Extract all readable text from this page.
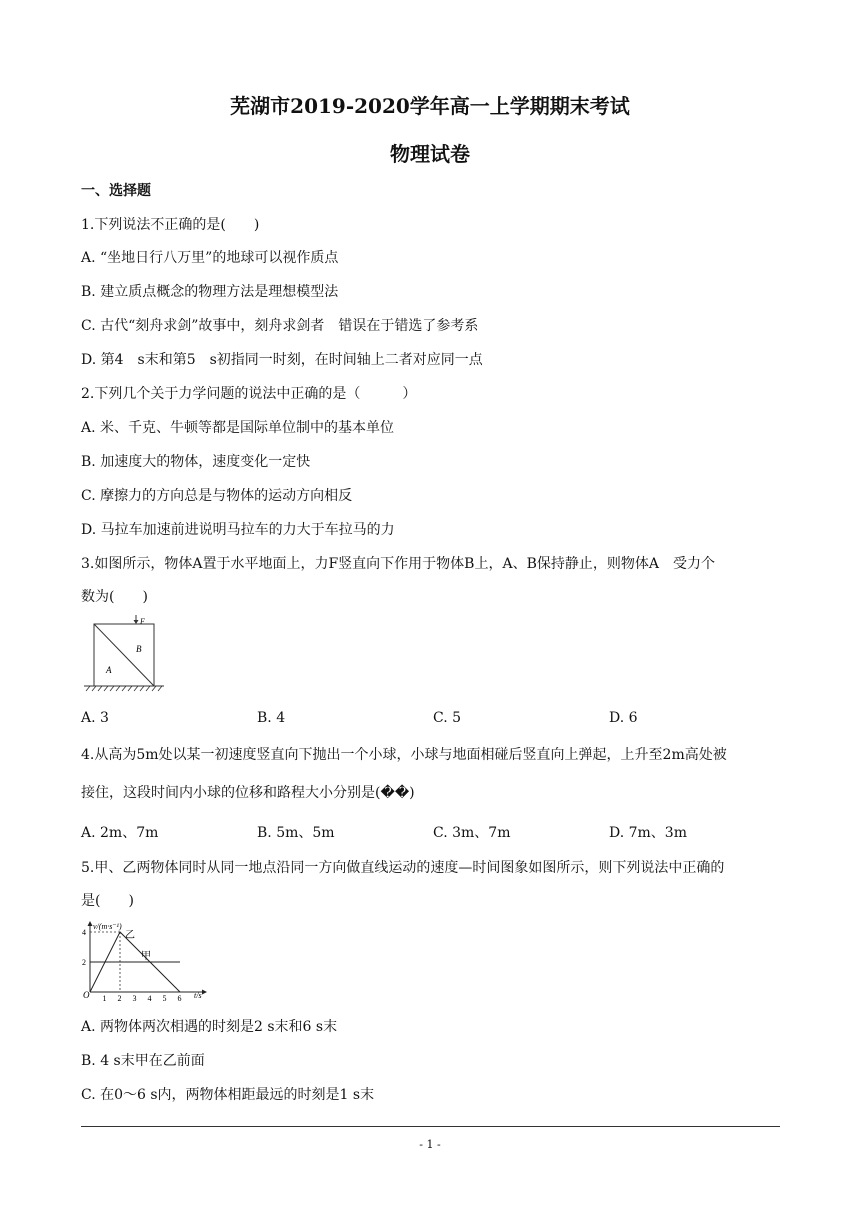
芜湖市2019-2020学年高一上学期期末考试
物理试卷
一、选择题
1.下列说法不正确的是(　　)
A. “坐地日行八万里”的地球可以视作质点
B. 建立质点概念的物理方法是理想模型法
C. 古代“刻舟求剑”故事中，刻舟求剑者　错误在于错选了参考系
D. 第4　s末和第5　s初指同一时刻，在时间轴上二者对应同一点
2.下列几个关于力学问题的说法中正确的是（　　　）
A. 米、千克、牛顿等都是国际单位制中的基本单位
B. 加速度大的物体，速度变化一定快
C. 摩擦力的方向总是与物体的运动方向相反
D. 马拉车加速前进说明马拉车的力大于车拉马的力
3.如图所示，物体A置于水平地面上，力F竖直向下作用于物体B上，A、B保持静止，则物体A　受力个
数为(　　)
F
B
A
A. 3	B. 4	C. 5	D. 6
4.从高为5m处以某一初速度竖直向下抛出一个小球，小球与地面相碰后竖直向上弹起，上升至2m高处被
接住，这段时间内小球的位移和路程大小分别是(��)
A. 2m、7m	B. 5m、5m	C. 3m、7m	D. 7m、3m
5.甲、乙两物体同时从同一地点沿同一方向做直线运动的速度—时间图象如图所示，则下列说法中正确的
是(　　)
v/(m·s⁻¹)
t/s
O 1 2 3 4 5 6
2
4
甲
乙
A. 两物体两次相遇的时刻是2 s末和6 s末
B. 4 s末甲在乙前面
C. 在0～6 s内，两物体相距最远的时刻是1 s末
- 1 -
